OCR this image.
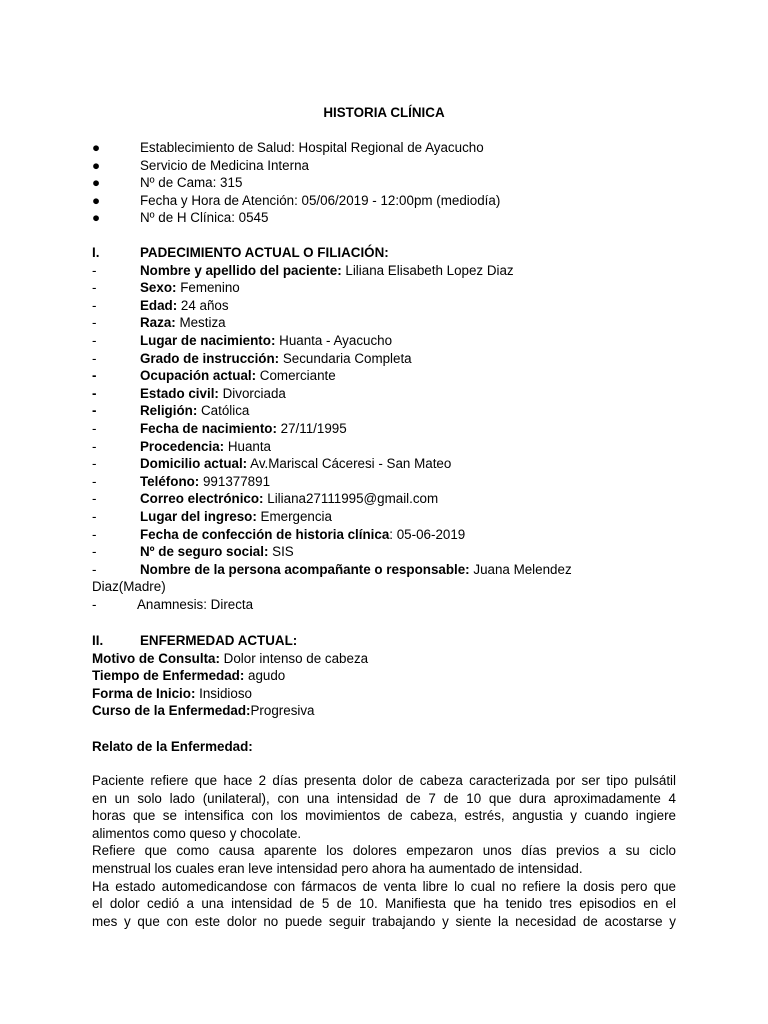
HISTORIA CLÍNICA
●	Establecimiento de Salud: Hospital Regional de Ayacucho
●	Servicio de Medicina Interna
●	Nº de Cama: 315
●	Fecha y Hora de Atención: 05/06/2019 - 12:00pm (mediodía)
●	Nº de H Clínica: 0545
I.	PADECIMIENTO ACTUAL O FILIACIÓN:
-	Nombre y apellido del paciente: Liliana Elisabeth Lopez Diaz
-	Sexo: Femenino
-	Edad: 24 años
-	Raza: Mestiza
-	Lugar de nacimiento: Huanta - Ayacucho
-	Grado de instrucción: Secundaria Completa
-	Ocupación actual: Comerciante
-	Estado civil: Divorciada
-	Religión: Católica
-	Fecha de nacimiento: 27/11/1995
-	Procedencia: Huanta
-	Domicilio actual: Av.Mariscal Cáceresi - San Mateo
-	Teléfono: 991377891
-	Correo electrónico: Liliana27111995@gmail.com
-	Lugar del ingreso: Emergencia
-	Fecha de confección de historia clínica: 05-06-2019
-	Nº de seguro social: SIS
-	Nombre de la persona acompañante o responsable: Juana Melendez
Diaz(Madre)
-	Anamnesis: Directa
II.	ENFERMEDAD ACTUAL:
Motivo de Consulta: Dolor intenso de cabeza
Tiempo de Enfermedad: agudo
Forma de Inicio: Insidioso
Curso de la Enfermedad:Progresiva
Relato de la Enfermedad:
Paciente refiere que hace 2 días presenta dolor de cabeza caracterizada por ser tipo pulsátil
en un solo lado (unilateral), con una intensidad de 7 de 10 que dura aproximadamente 4
horas que se intensifica con los movimientos de cabeza, estrés, angustia y cuando ingiere
alimentos como queso y chocolate.
Refiere que como causa aparente los dolores empezaron unos días previos a su ciclo
menstrual los cuales eran leve intensidad pero ahora ha aumentado de intensidad.
Ha estado automedicandose con fármacos de venta libre lo cual no refiere la dosis pero que
el dolor cedió a una intensidad de 5 de 10. Manifiesta que ha tenido tres episodios en el
mes y que con este dolor no puede seguir trabajando y siente la necesidad de acostarse y
